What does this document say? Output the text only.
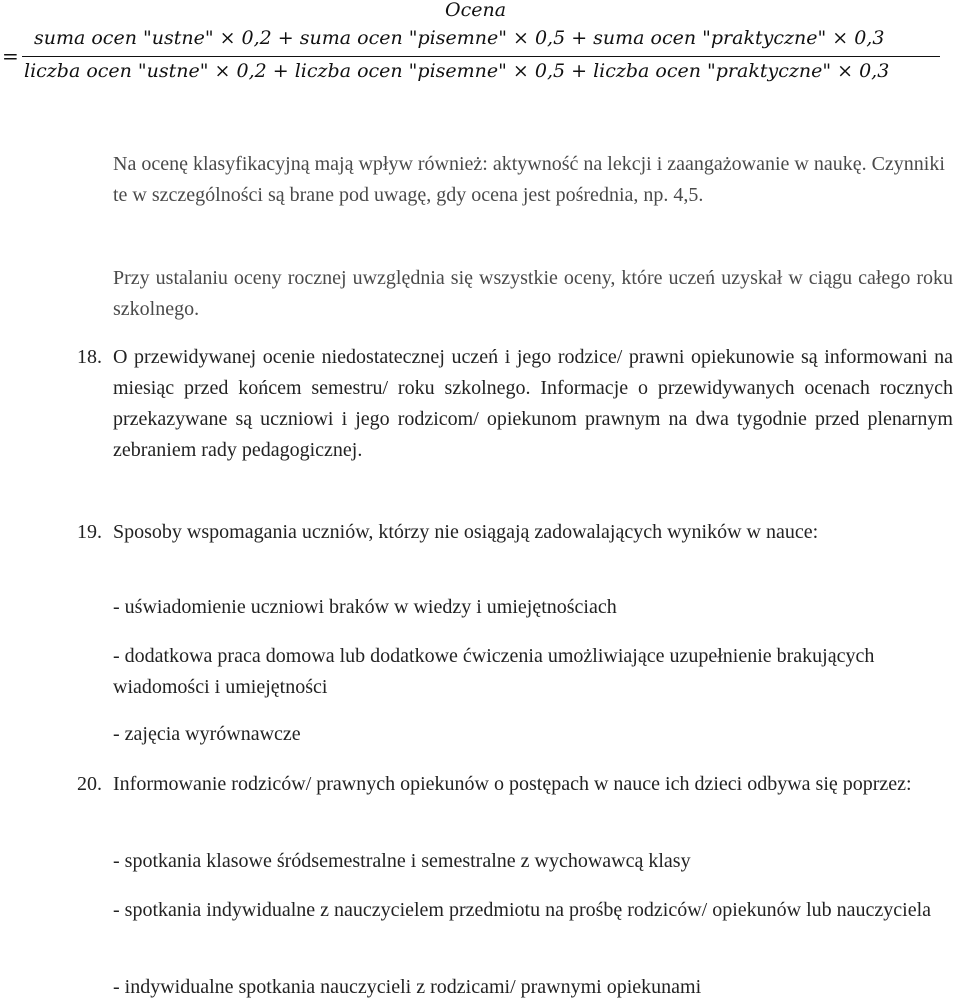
Ocena
=
suma ocen "ustne" × 0,2 + suma ocen "pisemne" × 0,5 + suma ocen "praktyczne" × 0,3
liczba ocen "ustne" × 0,2 + liczba ocen "pisemne" × 0,5 + liczba ocen "praktyczne" × 0,3
Na ocenę klasyfikacyjną mają wpływ również: aktywność na lekcji i zaangażowanie w naukę. Czynniki te w szczególności są brane pod uwagę, gdy ocena jest pośrednia, np. 4,5.
Przy ustalaniu oceny rocznej uwzględnia się wszystkie oceny, które uczeń uzyskał w ciągu całego roku szkolnego.
18. O przewidywanej ocenie niedostatecznej uczeń i jego rodzice/ prawni opiekunowie są informowani na miesiąc przed końcem semestru/ roku szkolnego. Informacje o przewidywanych ocenach rocznych przekazywane są uczniowi i jego rodzicom/ opiekunom prawnym na dwa tygodnie przed plenarnym zebraniem rady pedagogicznej.
19. Sposoby wspomagania uczniów, którzy nie osiągają zadowalających wyników w nauce:
- uświadomienie uczniowi braków w wiedzy i umiejętnościach
- dodatkowa praca domowa lub dodatkowe ćwiczenia umożliwiające uzupełnienie brakujących wiadomości i umiejętności
- zajęcia wyrównawcze
20. Informowanie rodziców/ prawnych opiekunów o postępach w nauce ich dzieci odbywa się poprzez:
- spotkania klasowe śródsemestralne i semestralne z wychowawcą klasy
- spotkania indywidualne z nauczycielem przedmiotu na prośbę rodziców/ opiekunów lub nauczyciela
- indywidualne spotkania nauczycieli z rodzicami/ prawnymi opiekunami
